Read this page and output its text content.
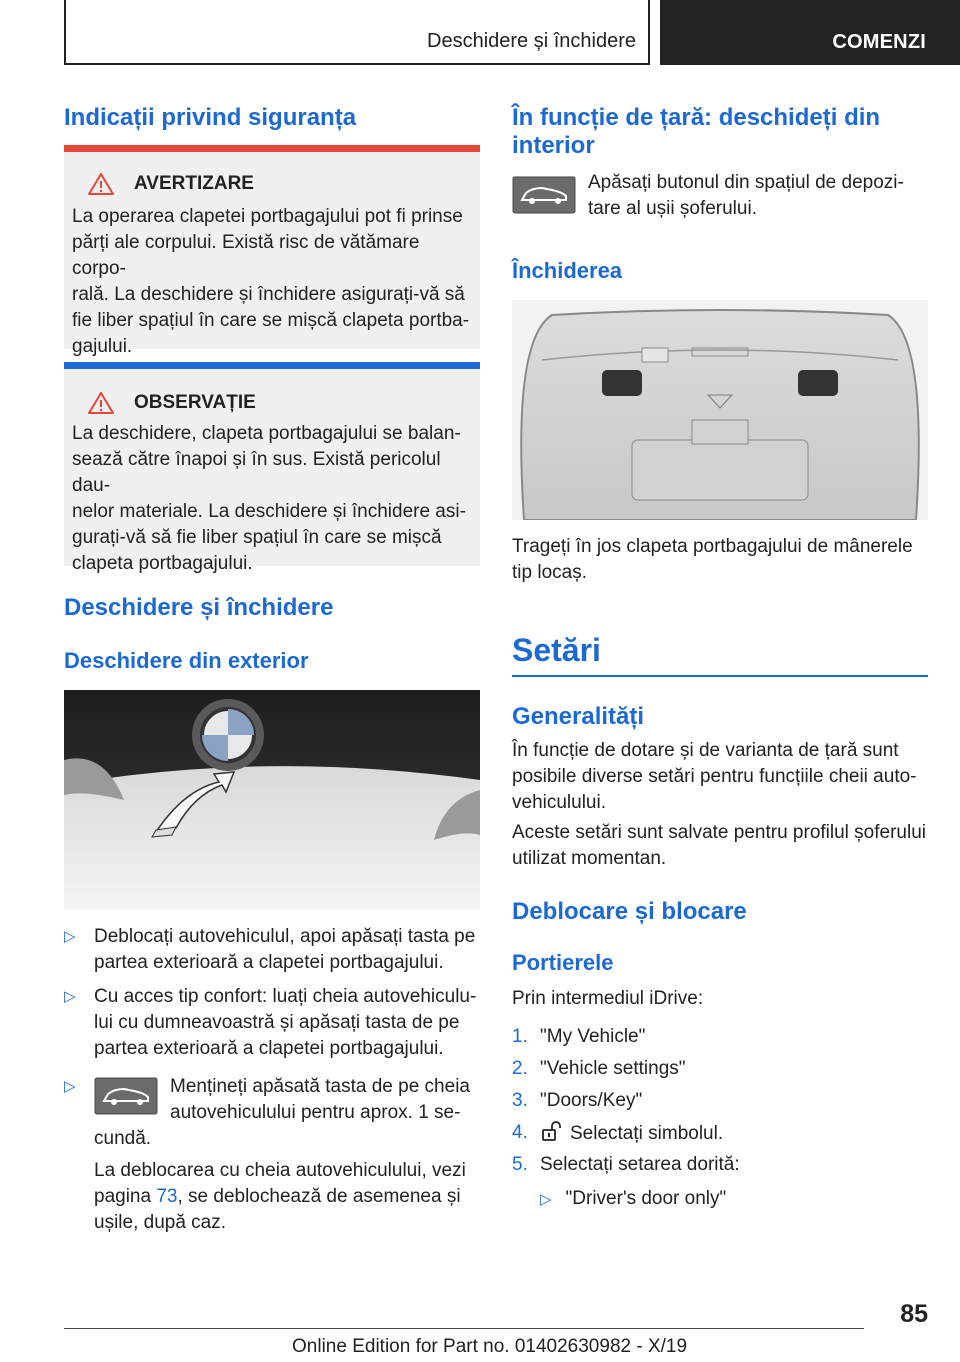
Deschidere și închidere	COMENZI
Indicații privind siguranța
AVERTIZARE
La operarea clapetei portbagajului pot fi prinse
părți ale corpului. Există risc de vătămare corpo-
rală. La deschidere și închidere asigurați-vă să
fie liber spațiul în care se mișcă clapeta portba-
gajului.
OBSERVAȚIE
La deschidere, clapeta portbagajului se balan-
sează către înapoi și în sus. Există pericolul dau-
nelor materiale. La deschidere și închidere asi-
gurați-vă să fie liber spațiul în care se mișcă
clapeta portbagajului.
Deschidere și închidere
Deschidere din exterior
▷ Deblocați autovehiculul, apoi apăsați tasta pe
partea exterioară a clapetei portbagajului.
▷ Cu acces tip confort: luați cheia autovehiculu-
lui cu dumneavoastră și apăsați tasta de pe
partea exterioară a clapetei portbagajului.
▷	Mențineți apăsată tasta de pe cheia
autovehiculului pentru aprox. 1 se-
cundă.
La deblocarea cu cheia autovehiculului, vezi
pagina 73, se deblochează de asemenea și
ușile, după caz.
În funcție de țară: deschideți din
interior
Apăsați butonul din spațiul de depozi-
tare al ușii șoferului.
Închiderea
Trageți în jos clapeta portbagajului de mânerele
tip locaș.
Setări
Generalități
În funcție de dotare și de varianta de țară sunt
posibile diverse setări pentru funcțiile cheii auto-
vehiculului.
Aceste setări sunt salvate pentru profilul șoferului
utilizat momentan.
Deblocare și blocare
Portierele
Prin intermediul iDrive:
1. "My Vehicle"
2. "Vehicle settings"
3. "Doors/Key"
4. Selectați simbolul.
5. Selectați setarea dorită:
▷ "Driver's door only"
85
Online Edition for Part no. 01402630982 - X/19
